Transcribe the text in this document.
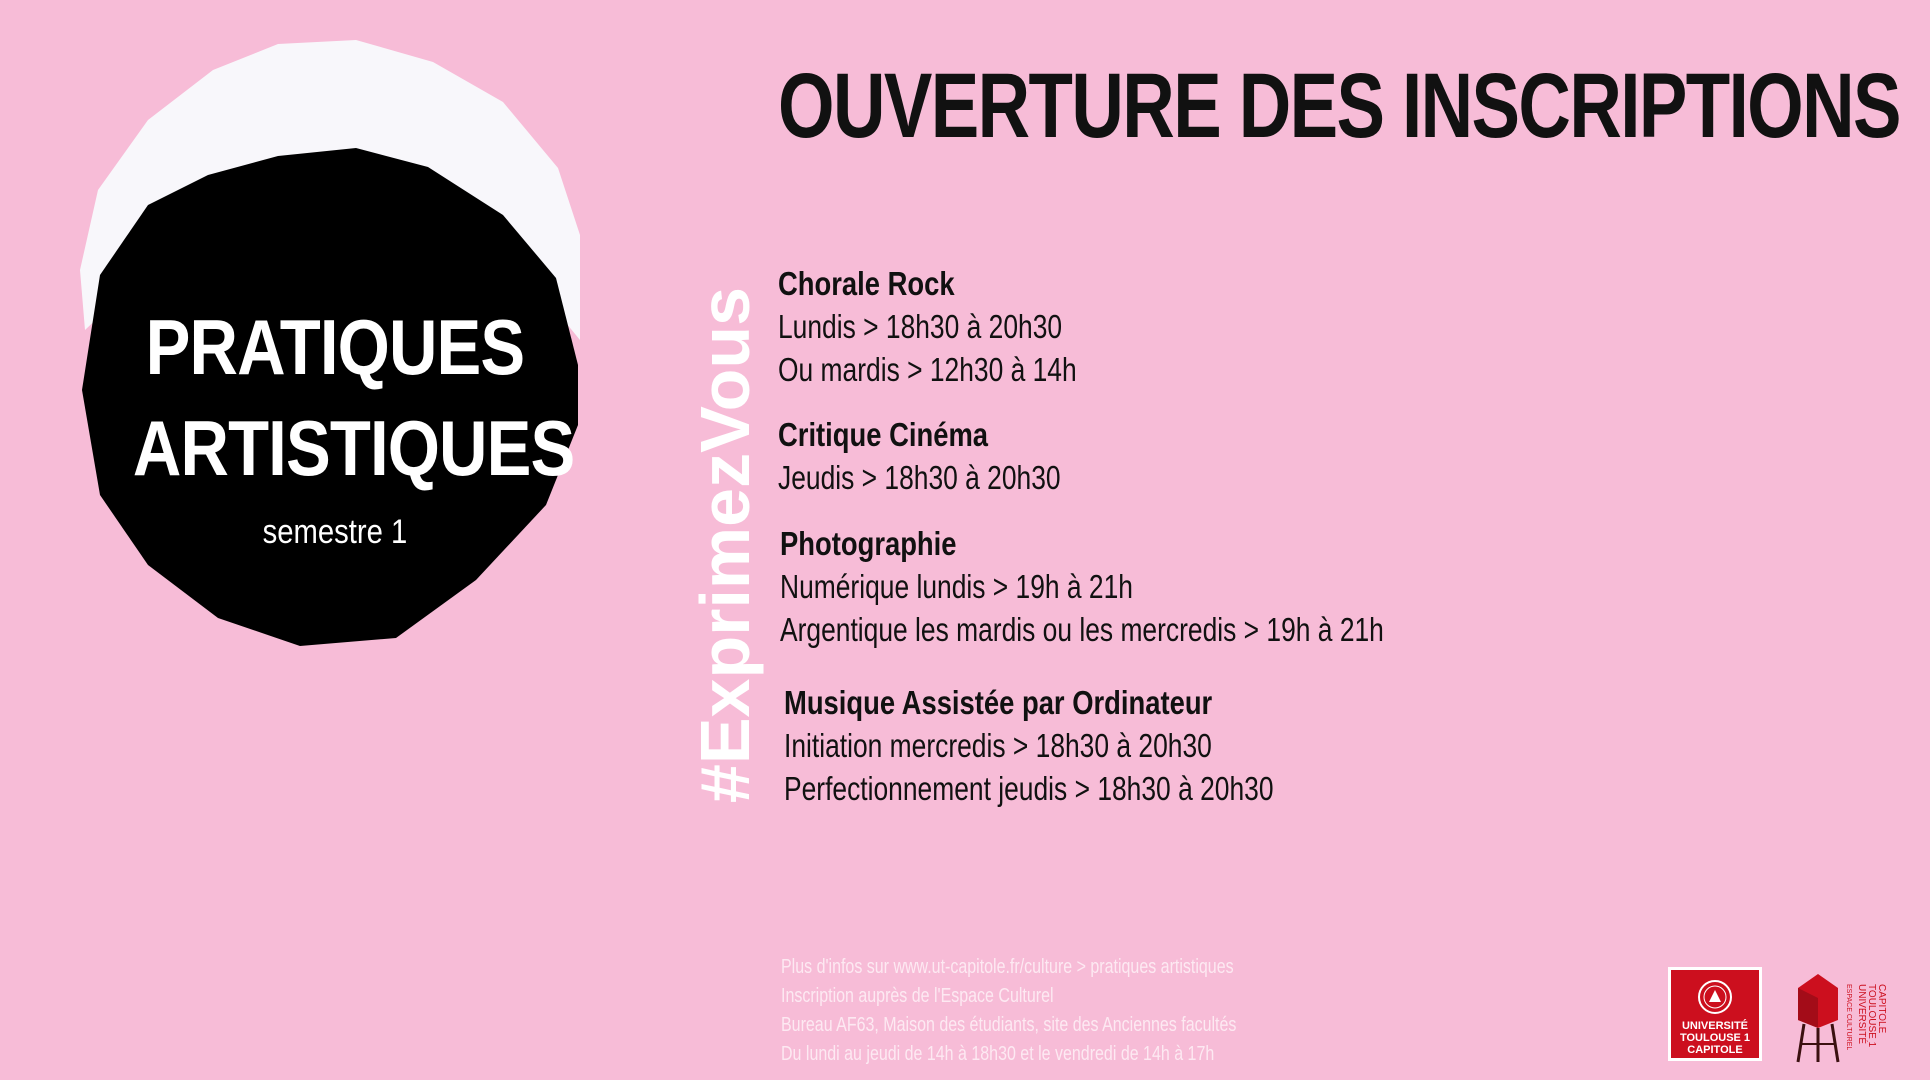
PRATIQUES
ARTISTIQUES
semestre 1	#ExprimezVous
OUVERTURE DES INSCRIPTIONS
Chorale Rock
Lundis > 18h30 à 20h30
Ou mardis > 12h30 à 14h
Critique Cinéma
Jeudis > 18h30 à 20h30
Photographie
Numérique lundis > 19h à 21h
Argentique les mardis ou les mercredis > 19h à 21h
Musique Assistée par Ordinateur
Initiation mercredis > 18h30 à 20h30
Perfectionnement jeudis > 18h30 à 20h30
Plus d'infos sur www.ut-capitole.fr/culture > pratiques artistiques
Inscription auprès de l'Espace Culturel
Bureau AF63, Maison des étudiants, site des Anciennes facultés
Du lundi au jeudi de 14h à 18h30 et le vendredi de 14h à 17h
UNIVERSITÉ
TOULOUSE 1
CAPITOLE	ESPACE CULTUREL UNIVERSITÉ TOULOUSE 1 CAPITOLE
